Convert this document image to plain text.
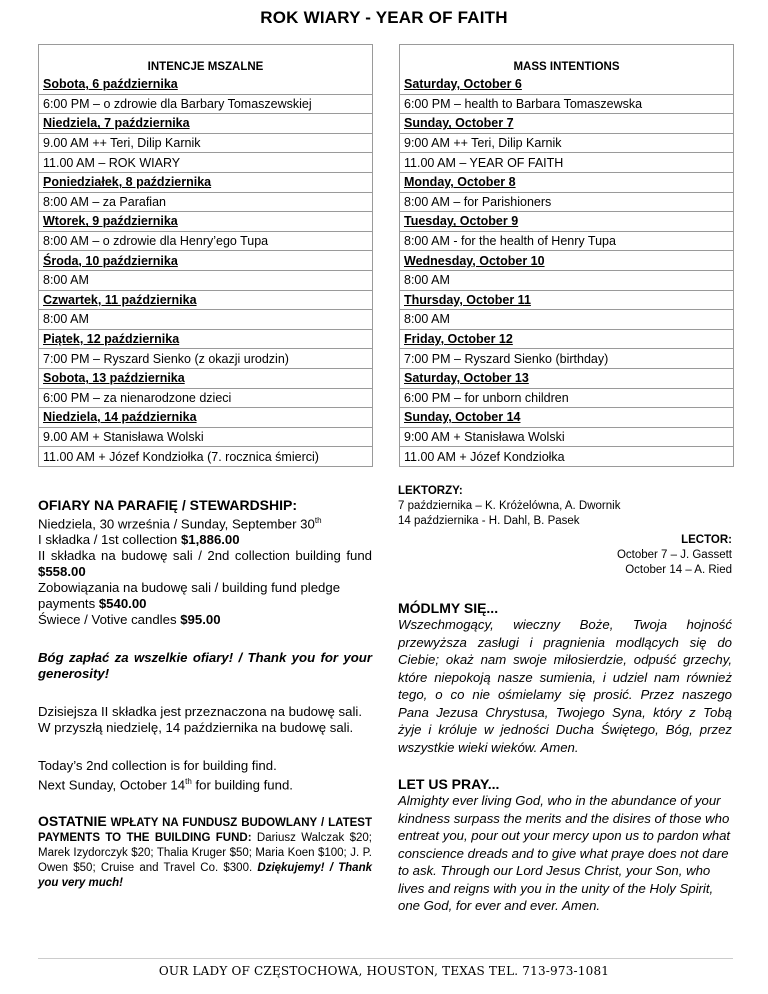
ROK WIARY - YEAR OF FAITH
INTENCJE MSZALNE		MASS INTENTIONS
Sobota, 6 października		Saturday, October 6
6:00 PM – o zdrowie dla Barbary Tomaszewskiej		6:00 PM – health to Barbara Tomaszewska
Niedziela, 7 października		Sunday, October 7
9.00 AM ++ Teri, Dilip Karnik		9:00 AM ++ Teri, Dilip Karnik
11.00 AM – ROK WIARY		11.00 AM – YEAR OF FAITH
Poniedziałek, 8 października		Monday, October 8
8:00 AM – za Parafian		8:00 AM – for Parishioners
Wtorek, 9 października		Tuesday, October 9
8:00 AM – o zdrowie dla Henry’ego Tupa		8:00 AM - for the health of Henry Tupa
Środa, 10 października		Wednesday, October 10
8:00 AM		8:00 AM
Czwartek, 11 października		Thursday, October 11
8:00 AM		8:00 AM
Piątek, 12 października		Friday, October 12
7:00 PM – Ryszard Sienko (z okazji urodzin)		7:00 PM – Ryszard Sienko (birthday)
Sobota, 13 października		Saturday, October 13
6:00 PM – za nienarodzone dzieci		6:00 PM – for unborn children
Niedziela, 14 października		Sunday, October 14
9.00 AM + Stanisława Wolski		9:00 AM + Stanisława Wolski
11.00 AM + Józef Kondziołka (7. rocznica śmierci)		11.00 AM + Józef Kondziołka

OFIARY NA PARAFIĘ / STEWARDSHIP:

Niedziela, 30 września / Sunday, September 30th

I składka / 1st collection $1,886.00

II składka na budowę sali / 2nd collection building fund $558.00

Zobowiązania na budowę sali / building fund pledge payments $540.00

Świece / Votive candles $95.00

Bóg zapłać za wszelkie ofiary! / Thank you for your generosity!

Dzisiejsza II składka jest przeznaczona na budowę sali.

W przyszłą niedzielę, 14 października na budowę sali.

Today’s 2nd collection is for building find.

Next Sunday, October 14th for building fund.

OSTATNIE WPŁATY NA FUNDUSZ BUDOWLANY / LATEST PAYMENTS TO THE BUILDING FUND: Dariusz Walczak $20; Marek Izydorczyk $20; Thalia Kruger $50; Maria Koen $100; J. P. Owen $50; Cruise and Travel Co. $300. Dziękujemy! / Thank you very much!

LEKTORZY:

7 października – K. Króżelówna, A. Dwornik

14 października - H. Dahl, B. Pasek

LECTOR:

October 7 – J. Gassett

October 14 – A. Ried

MÓDLMY SIĘ...

Wszechmogący, wieczny Boże, Twoja hojność przewyższa zasługi i pragnienia modlących się do Ciebie; okaż nam swoje miłosierdzie, odpuść grzechy, które niepokoją nasze sumienia, i udziel nam również tego, o co nie ośmielamy się prosić. Przez naszego Pana Jezusa Chrystusa, Twojego Syna, który z Tobą żyje i króluje w jedności Ducha Świętego, Bóg, przez wszystkie wieki wieków. Amen.

LET US PRAY...

Almighty ever living God, who in the abundance of your kindness surpass the merits and the disires of those who entreat you, pour out your mercy upon us to pardon what conscience dreads and to give what praye does not dare to ask. Through our Lord Jesus Christ, your Son, who lives and reigns with you in the unity of the Holy Spirit, one God, for ever and ever. Amen.

OUR LADY OF CZĘSTOCHOWA, HOUSTON, TEXAS TEL. 713-973-1081
